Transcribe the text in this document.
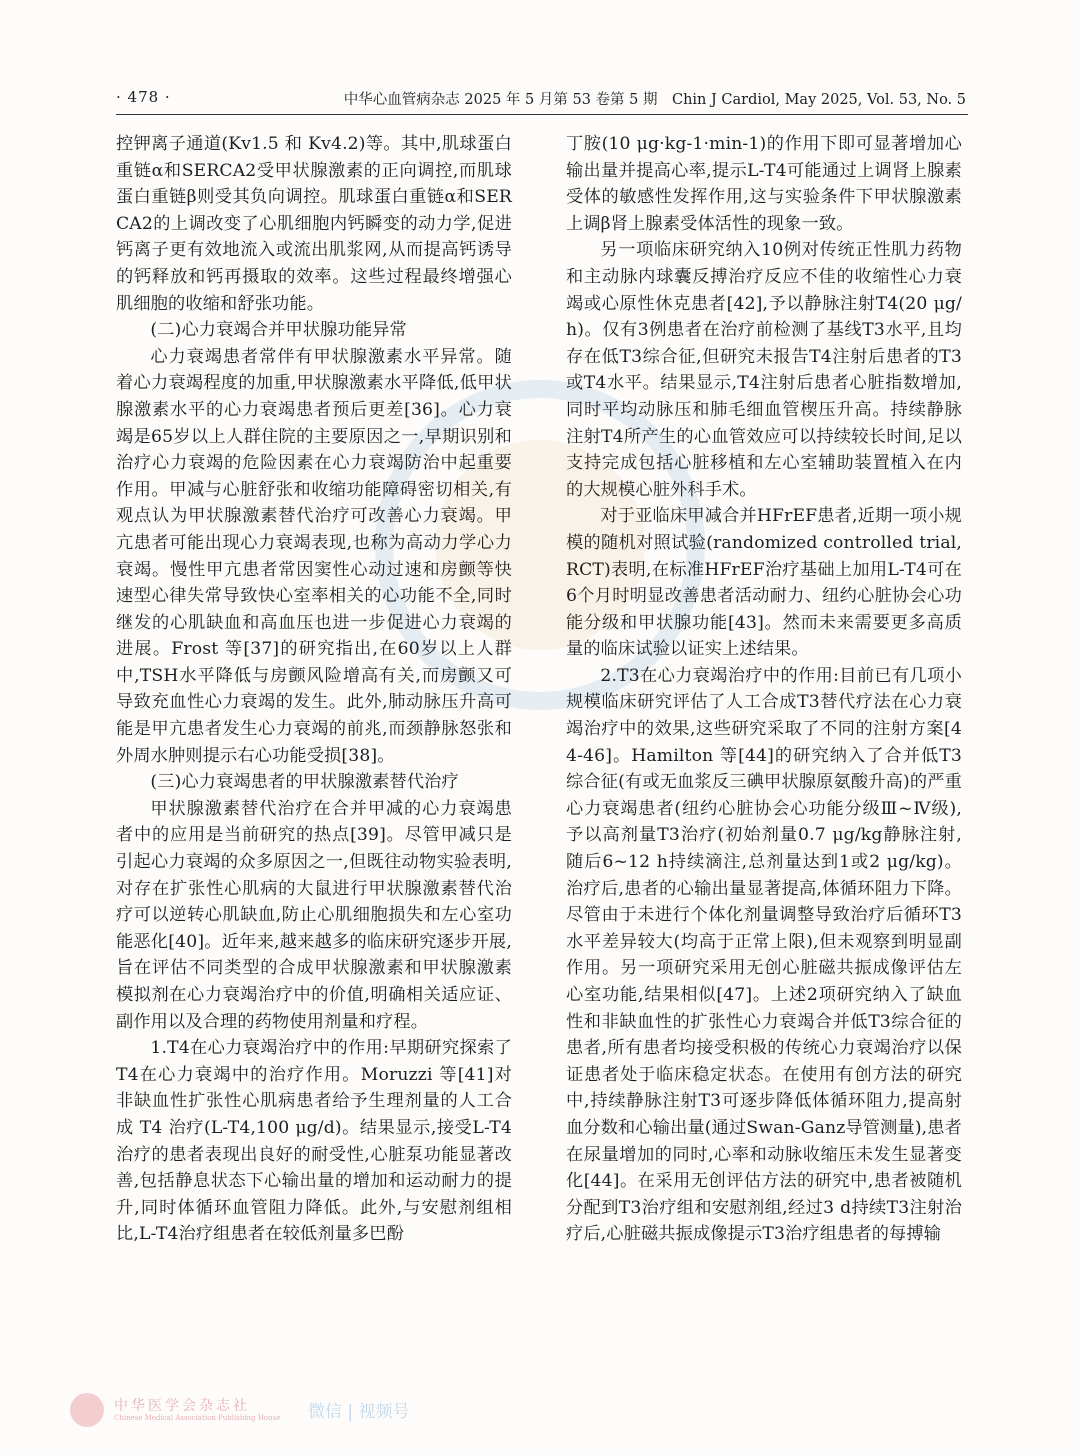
· 478 ·	中华心血管病杂志 2025 年 5 月第 53 卷第 5 期　Chin J Cardiol, May 2025, Vol. 53, No. 5

控钾离子通道(Kv1.5 和 Kv4.2)等。其中,肌球蛋白重链α和SERCA2受甲状腺激素的正向调控,而肌球蛋白重链β则受其负向调控。肌球蛋白重链α和SERCA2的上调改变了心肌细胞内钙瞬变的动力学,促进钙离子更有效地流入或流出肌浆网,从而提高钙诱导的钙释放和钙再摄取的效率。这些过程最终增强心肌细胞的收缩和舒张功能。

(二)心力衰竭合并甲状腺功能异常

心力衰竭患者常伴有甲状腺激素水平异常。随着心力衰竭程度的加重,甲状腺激素水平降低,低甲状腺激素水平的心力衰竭患者预后更差[36]。心力衰竭是65岁以上人群住院的主要原因之一,早期识别和治疗心力衰竭的危险因素在心力衰竭防治中起重要作用。甲减与心脏舒张和收缩功能障碍密切相关,有观点认为甲状腺激素替代治疗可改善心力衰竭。甲亢患者可能出现心力衰竭表现,也称为高动力学心力衰竭。慢性甲亢患者常因窦性心动过速和房颤等快速型心律失常导致快心室率相关的心功能不全,同时继发的心肌缺血和高血压也进一步促进心力衰竭的进展。Frost 等[37]的研究指出,在60岁以上人群中,TSH水平降低与房颤风险增高有关,而房颤又可导致充血性心力衰竭的发生。此外,肺动脉压升高可能是甲亢患者发生心力衰竭的前兆,而颈静脉怒张和外周水肿则提示右心功能受损[38]。

(三)心力衰竭患者的甲状腺激素替代治疗

甲状腺激素替代治疗在合并甲减的心力衰竭患者中的应用是当前研究的热点[39]。尽管甲减只是引起心力衰竭的众多原因之一,但既往动物实验表明,对存在扩张性心肌病的大鼠进行甲状腺激素替代治疗可以逆转心肌缺血,防止心肌细胞损失和左心室功能恶化[40]。近年来,越来越多的临床研究逐步开展,旨在评估不同类型的合成甲状腺激素和甲状腺激素模拟剂在心力衰竭治疗中的价值,明确相关适应证、副作用以及合理的药物使用剂量和疗程。

1.T4在心力衰竭治疗中的作用:早期研究探索了T4在心力衰竭中的治疗作用。Moruzzi 等[41]对非缺血性扩张性心肌病患者给予生理剂量的人工合成 T4 治疗(L-T4,100 μg/d)。结果显示,接受L-T4治疗的患者表现出良好的耐受性,心脏泵功能显著改善,包括静息状态下心输出量的增加和运动耐力的提升,同时体循环血管阻力降低。此外,与安慰剂组相比,L-T4治疗组患者在较低剂量多巴酚

丁胺(10 μg·kg-1·min-1)的作用下即可显著增加心输出量并提高心率,提示L-T4可能通过上调肾上腺素受体的敏感性发挥作用,这与实验条件下甲状腺激素上调β肾上腺素受体活性的现象一致。

另一项临床研究纳入10例对传统正性肌力药物和主动脉内球囊反搏治疗反应不佳的收缩性心力衰竭或心原性休克患者[42],予以静脉注射T4(20 μg/h)。仅有3例患者在治疗前检测了基线T3水平,且均存在低T3综合征,但研究未报告T4注射后患者的T3或T4水平。结果显示,T4注射后患者心脏指数增加,同时平均动脉压和肺毛细血管楔压升高。持续静脉注射T4所产生的心血管效应可以持续较长时间,足以支持完成包括心脏移植和左心室辅助装置植入在内的大规模心脏外科手术。

对于亚临床甲减合并HFrEF患者,近期一项小规模的随机对照试验(randomized controlled trial,RCT)表明,在标准HFrEF治疗基础上加用L-T4可在6个月时明显改善患者活动耐力、纽约心脏协会心功能分级和甲状腺功能[43]。然而未来需要更多高质量的临床试验以证实上述结果。

2.T3在心力衰竭治疗中的作用:目前已有几项小规模临床研究评估了人工合成T3替代疗法在心力衰竭治疗中的效果,这些研究采取了不同的注射方案[44-46]。Hamilton 等[44]的研究纳入了合并低T3综合征(有或无血浆反三碘甲状腺原氨酸升高)的严重心力衰竭患者(纽约心脏协会心功能分级Ⅲ~Ⅳ级),予以高剂量T3治疗(初始剂量0.7 μg/kg静脉注射,随后6~12 h持续滴注,总剂量达到1或2 μg/kg)。治疗后,患者的心输出量显著提高,体循环阻力下降。尽管由于未进行个体化剂量调整导致治疗后循环T3水平差异较大(均高于正常上限),但未观察到明显副作用。另一项研究采用无创心脏磁共振成像评估左心室功能,结果相似[47]。上述2项研究纳入了缺血性和非缺血性的扩张性心力衰竭合并低T3综合征的患者,所有患者均接受积极的传统心力衰竭治疗以保证患者处于临床稳定状态。在使用有创方法的研究中,持续静脉注射T3可逐步降低体循环阻力,提高射血分数和心输出量(通过Swan-Ganz导管测量),患者在尿量增加的同时,心率和动脉收缩压未发生显著变化[44]。在采用无创评估方法的研究中,患者被随机分配到T3治疗组和安慰剂组,经过3 d持续T3注射治疗后,心脏磁共振成像提示T3治疗组患者的每搏输

中华医学会杂志社
Chinese Medical Association Publishing House 微信 | 视频号
